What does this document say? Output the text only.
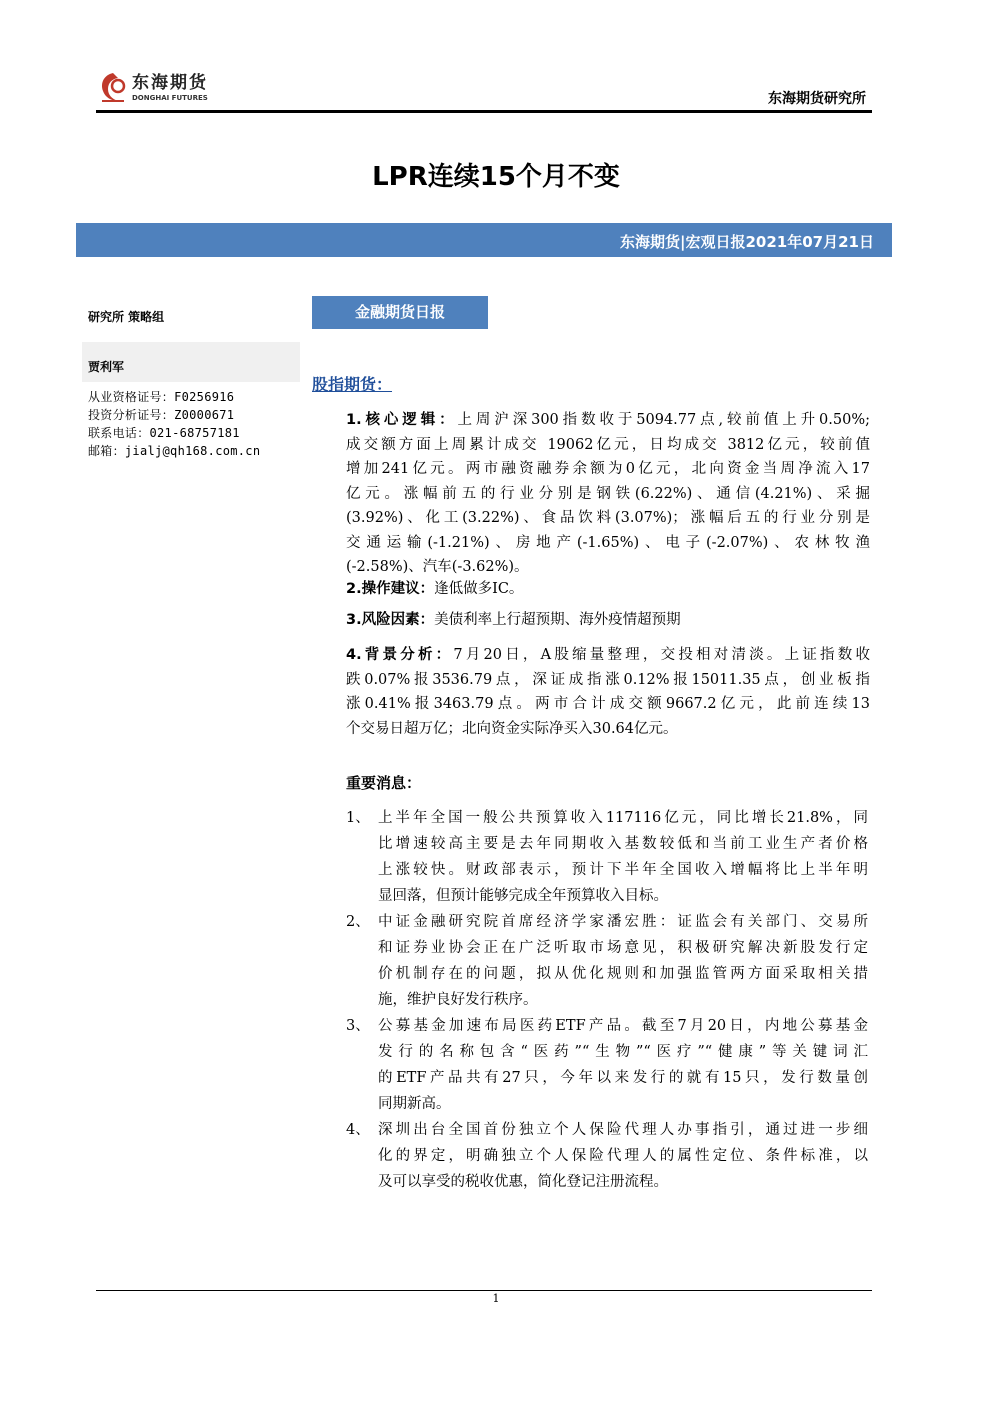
东海期货
DONGHAI FUTURES	东海期货研究所
LPR连续15个月不变
东海期货|宏观日报2021年07月21日
研究所 策略组
贾利军
从业资格证号：F0256916
投资分析证号：Z0000671
联系电话：021-68757181
邮箱：jialj@qh168.com.cn
金融期货日报
股指期货：
1.核心逻辑：上周沪深300指数收于5094.77点,较前值上升0.50%;
成交额方面上周累计成交 19062亿元，日均成交 3812亿元，较前值
增加241亿元。两市融资融券余额为0亿元，北向资金当周净流入17
亿元。涨幅前五的行业分别是钢铁(6.22%)、通信(4.21%)、采掘
(3.92%)、化工(3.22%)、食品饮料(3.07%)；涨幅后五的行业分别是
交通运输(-1.21%)、房地产(-1.65%)、电子(-2.07%)、农林牧渔
(-2.58%)、汽车(-3.62%)。
2.操作建议：逢低做多IC。
3.风险因素：美债利率上行超预期、海外疫情超预期
4.背景分析：7月20日，A股缩量整理，交投相对清淡。上证指数收
跌0.07%报3536.79点，深证成指涨0.12%报15011.35点，创业板指
涨0.41%报3463.79点。两市合计成交额9667.2亿元，此前连续13
个交易日超万亿；北向资金实际净买入30.64亿元。
重要消息：
1、 上半年全国一般公共预算收入117116亿元，同比增长21.8%，同
比增速较高主要是去年同期收入基数较低和当前工业生产者价格
上涨较快。财政部表示，预计下半年全国收入增幅将比上半年明
显回落，但预计能够完成全年预算收入目标。
2、 中证金融研究院首席经济学家潘宏胜：证监会有关部门、交易所
和证券业协会正在广泛听取市场意见，积极研究解决新股发行定
价机制存在的问题，拟从优化规则和加强监管两方面采取相关措
施，维护良好发行秩序。
3、 公募基金加速布局医药ETF产品。截至7月20日，内地公募基金
发行的名称包含“医药”“生物”“医疗”“健康”等关键词汇
的ETF产品共有27只，今年以来发行的就有15只，发行数量创
同期新高。
4、 深圳出台全国首份独立个人保险代理人办事指引，通过进一步细
化的界定，明确独立个人保险代理人的属性定位、条件标准，以
及可以享受的税收优惠，简化登记注册流程。
1
